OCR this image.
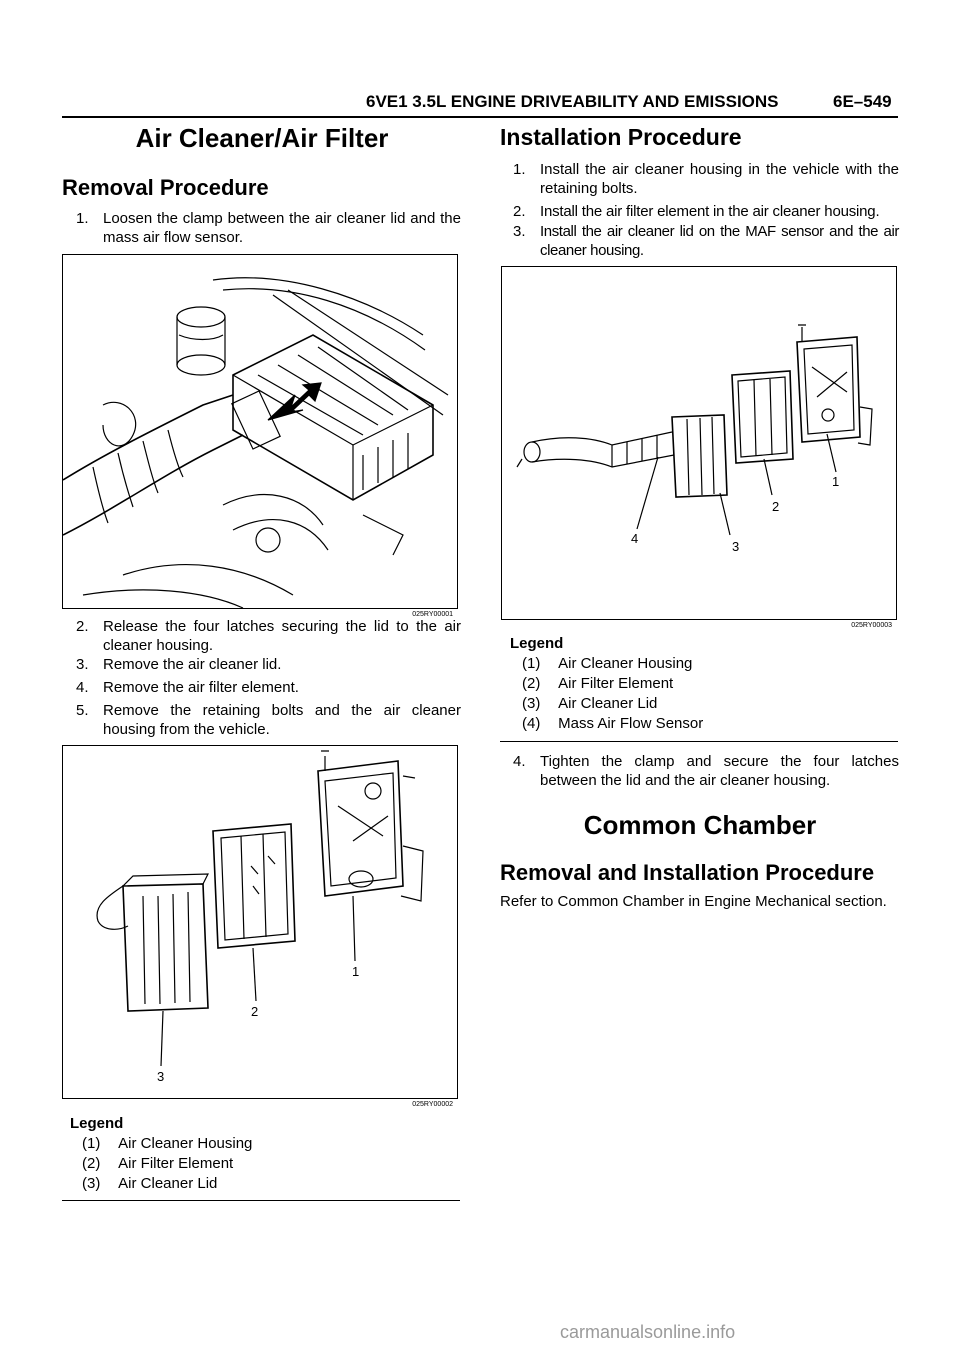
6VE1 3.5L ENGINE DRIVEABILITY AND EMISSIONS	6E–549
Air Cleaner/Air Filter
Removal Procedure
1. Loosen the clamp between the air cleaner lid and the mass air flow sensor.
025RY00001
2. Release the four latches securing the lid to the air cleaner housing.
3. Remove the air cleaner lid.
4. Remove the air filter element.
5. Remove the retaining bolts and the air cleaner housing from the vehicle.
1
2
3
025RY00002
Legend
(1) Air Cleaner Housing
(2) Air Filter Element
(3) Air Cleaner Lid
Installation Procedure
1. Install the air cleaner housing in the vehicle with the retaining bolts.
2. Install the air filter element in the air cleaner housing.
3. Install the air cleaner lid on the MAF sensor and the air cleaner housing.
1
2
3
4
025RY00003
Legend
(1) Air Cleaner Housing
(2) Air Filter Element
(3) Air Cleaner Lid
(4) Mass Air Flow Sensor
4. Tighten the clamp and secure the four latches between the lid and the air cleaner housing.
Common Chamber
Removal and Installation Procedure
Refer to Common Chamber in Engine Mechanical section.
carmanualsonline.info
